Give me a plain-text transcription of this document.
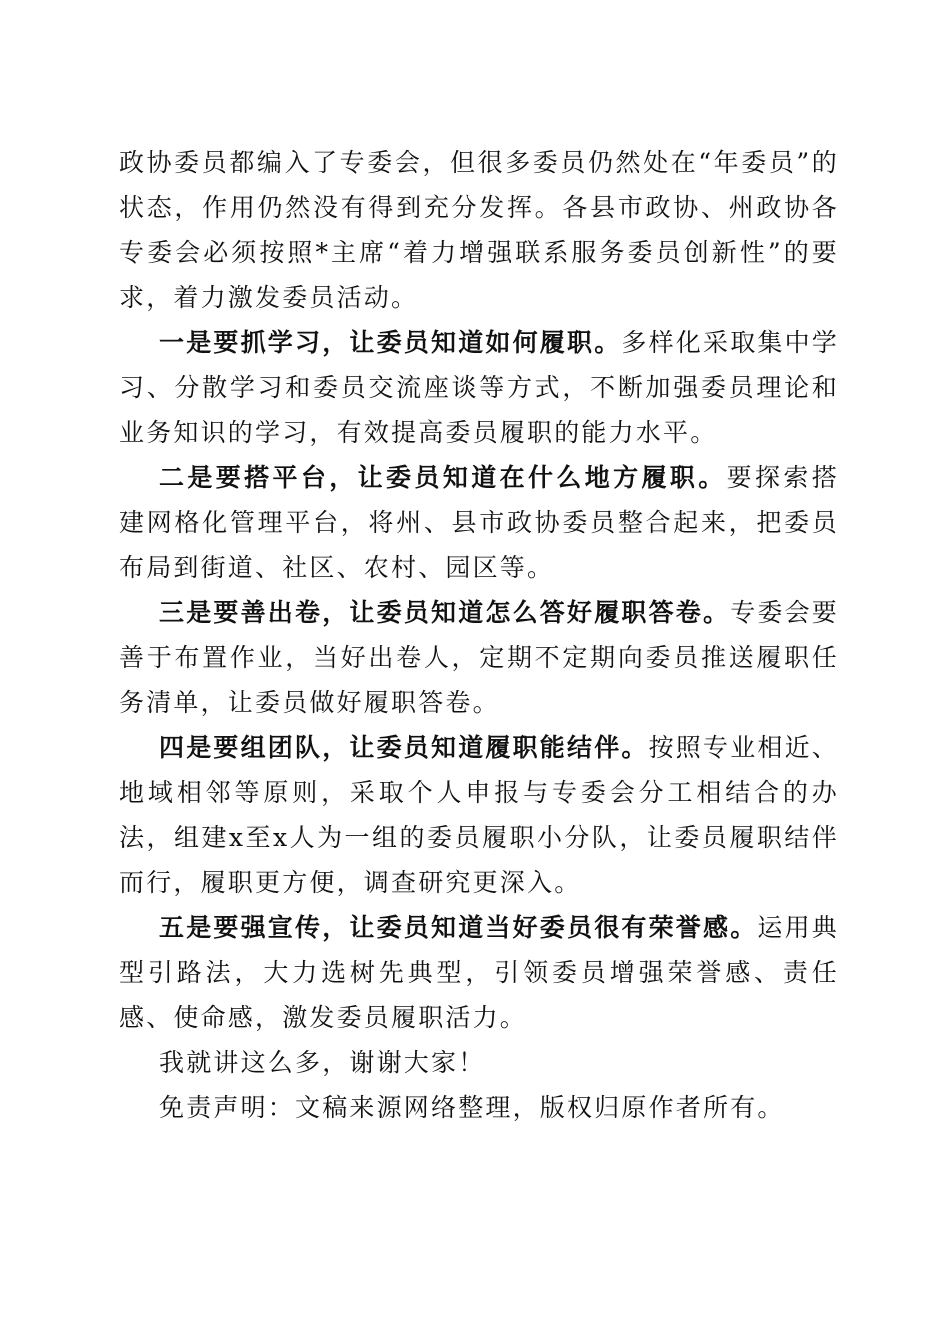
政协委员都编入了专委会，但很多委员仍然处在“年委员”的状态，作用仍然没有得到充分发挥。各县市政协、州政协各专委会必须按照*主席“着力增强联系服务委员创新性”的要求，着力激发委员活动。

一是要抓学习，让委员知道如何履职。多样化采取集中学习、分散学习和委员交流座谈等方式，不断加强委员理论和业务知识的学习，有效提高委员履职的能力水平。

二是要搭平台，让委员知道在什么地方履职。要探索搭建网格化管理平台，将州、县市政协委员整合起来，把委员布局到街道、社区、农村、园区等。

三是要善出卷，让委员知道怎么答好履职答卷。专委会要善于布置作业，当好出卷人，定期不定期向委员推送履职任务清单，让委员做好履职答卷。

四是要组团队，让委员知道履职能结伴。按照专业相近、地域相邻等原则，采取个人申报与专委会分工相结合的办法，组建x至x人为一组的委员履职小分队，让委员履职结伴而行，履职更方便，调查研究更深入。

五是要强宣传，让委员知道当好委员很有荣誉感。运用典型引路法，大力选树先典型，引领委员增强荣誉感、责任感、使命感，激发委员履职活力。

我就讲这么多，谢谢大家！

免责声明：文稿来源网络整理，版权归原作者所有。
